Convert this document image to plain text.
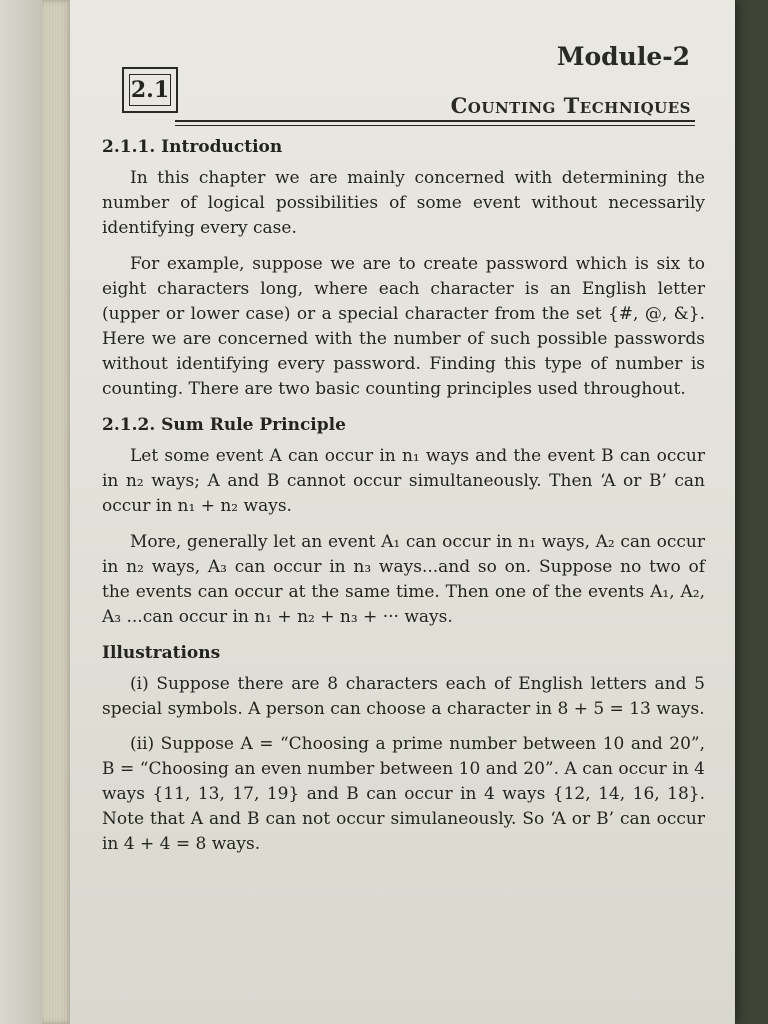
Module-2
2.1
Counting Techniques
2.1.1. Introduction

In this chapter we are mainly concerned with determining the number of logical possibilities of some event without necessarily identifying every case.

For example, suppose we are to create password which is six to eight characters long, where each character is an English letter (upper or lower case) or a special character from the set {#, @, &}. Here we are concerned with the number of such possible passwords without identifying every password. Finding this type of number is counting. There are two basic counting principles used throughout.

2.1.2. Sum Rule Principle

Let some event A can occur in n₁ ways and the event B can occur in n₂ ways; A and B cannot occur simultaneously. Then ‘A or B’ can occur in n₁ + n₂ ways.

More, generally let an event A₁ can occur in n₁ ways, A₂ can occur in n₂ ways, A₃ can occur in n₃ ways...and so on. Suppose no two of the events can occur at the same time. Then one of the events A₁, A₂, A₃ ...can occur in n₁ + n₂ + n₃ + ··· ways.

Illustrations

(i) Suppose there are 8 characters each of English letters and 5 special symbols. A person can choose a character in 8 + 5 = 13 ways.

(ii) Suppose A = “Choosing a prime number between 10 and 20”, B = “Choosing an even number between 10 and 20”. A can occur in 4 ways {11, 13, 17, 19} and B can occur in 4 ways {12, 14, 16, 18}. Note that A and B can not occur simulaneously. So ‘A or B’ can occur in 4 + 4 = 8 ways.
